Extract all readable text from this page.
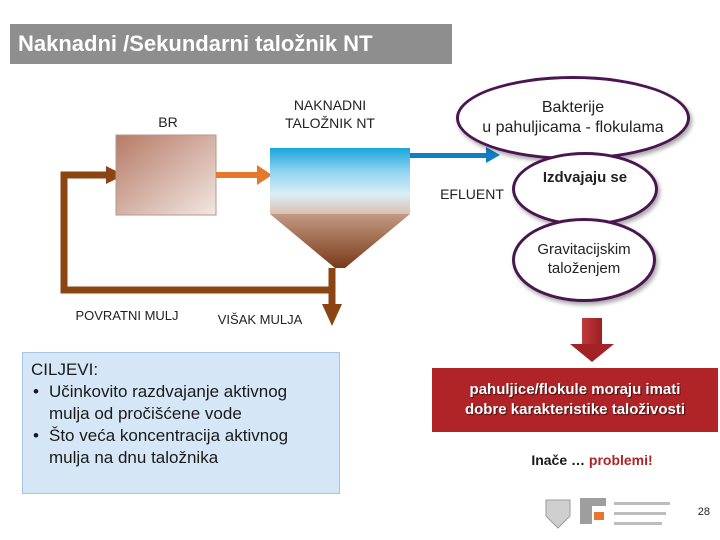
Naknadni /Sekundarni taložnik NT
BR
NAKNADNI
TALOŽNIK NT
EFLUENT
POVRATNI MULJ	VIŠAK MULJA
Bakterije
u pahuljicama - flokulama
Izdvajaju se
Gravitacijskim
taloženjem
CILJEVI:
• Učinkovito razdvajanje aktivnog mulja od pročišćene vode
• Što veća koncentracija aktivnog mulja na dnu taložnika
pahuljice/flokule moraju imati
dobre karakteristike taloživosti
Inače … problemi!
28
